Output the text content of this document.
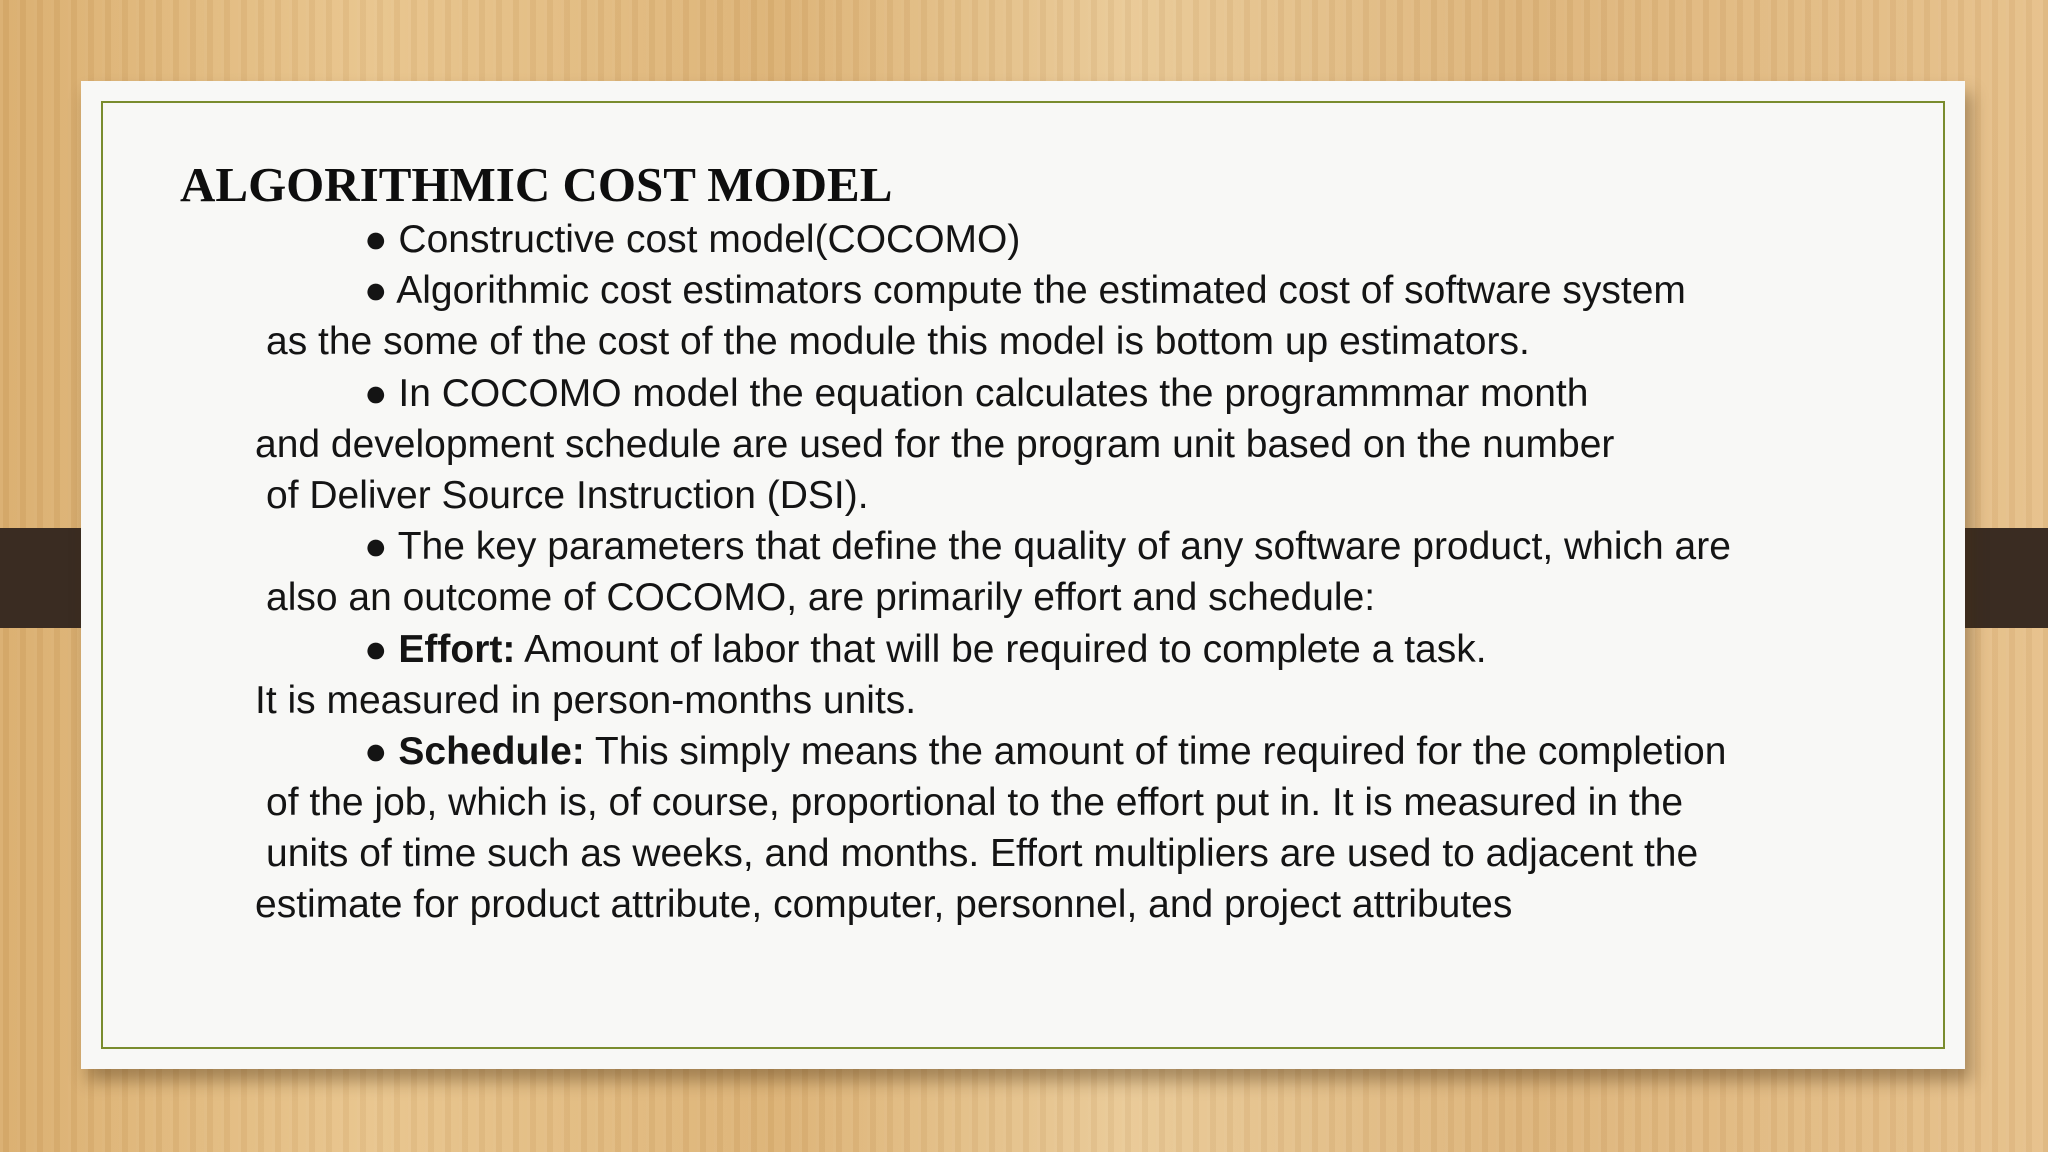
ALGORITHMIC COST MODEL
● Constructive cost model(COCOMO)
● Algorithmic cost estimators compute the estimated cost of software system
as the some of the cost of the module this model is bottom up estimators.
● In COCOMO model the equation calculates the programmmar month
and development schedule are used for the program unit based on the number
of Deliver Source Instruction (DSI).
● The key parameters that define the quality of any software product, which are
also an outcome of COCOMO, are primarily effort and schedule:
● Effort: Amount of labor that will be required to complete a task.
It is measured in person-months units.
● Schedule: This simply means the amount of time required for the completion
of the job, which is, of course, proportional to the effort put in. It is measured in the
units of time such as weeks, and months. Effort multipliers are used to adjacent the
estimate for product attribute, computer, personnel, and project attributes
